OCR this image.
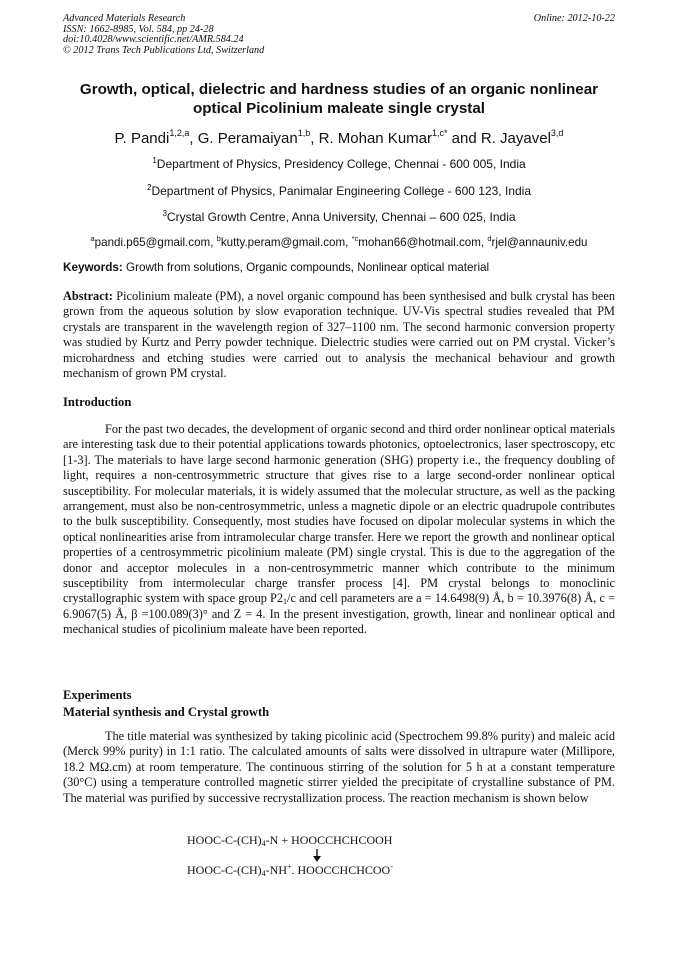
Advanced Materials Research
ISSN: 1662-8985, Vol. 584, pp 24-28
doi:10.4028/www.scientific.net/AMR.584.24
© 2012 Trans Tech Publications Ltd, Switzerland
Online: 2012-10-22
Growth, optical, dielectric and hardness studies of an organic nonlinear optical Picolinium maleate single crystal
P. Pandi$^{1,2,a}$, G. Peramaiyan$^{1,b}$, R. Mohan Kumar$^{1,c*}$ and R. Jayavel$^{3,d}$
$^1$Department of Physics, Presidency College, Chennai - 600 005, India
$^2$Department of Physics, Panimalar Engineering College - 600 123, India
$^3$Crystal Growth Centre, Anna University, Chennai – 600 025, India
$^a$pandi.p65@gmail.com, $^b$kutty.peram@gmail.com, $^{*c}$mohan66@hotmail.com, $^d$rjel@annauniv.edu
Keywords: Growth from solutions, Organic compounds, Nonlinear optical material
Abstract: Picolinium maleate (PM), a novel organic compound has been synthesised and bulk crystal has been grown from the aqueous solution by slow evaporation technique. UV-Vis spectral studies revealed that PM crystals are transparent in the wavelength region of 327–1100 nm. The second harmonic conversion property was studied by Kurtz and Perry powder technique. Dielectric studies were carried out on PM crystal. Vicker’s microhardness and etching studies were carried out to analysis the mechanical behaviour and growth mechanism of grown PM crystal.
Introduction
For the past two decades, the development of organic second and third order nonlinear optical materials are interesting task due to their potential applications towards photonics, optoelectronics, laser spectroscopy, etc [1-3]. The materials to have large second harmonic generation (SHG) property i.e., the frequency doubling of light, requires a non-centrosymmetric structure that gives rise to a large second-order nonlinear optical susceptibility. For molecular materials, it is widely assumed that the molecular structure, as well as the packing arrangement, must also be non-centrosymmetric, unless a magnetic dipole or an electric quadrupole contributes to the bulk susceptibility. Consequently, most studies have focused on dipolar molecular systems in which the optical nonlinearities arise from intramolecular charge transfer. Here we report the growth and nonlinear optical properties of a centrosymmetric picolinium maleate (PM) single crystal. This is due to the aggregation of the donor and acceptor molecules in a non-centrosymmetric manner which contribute to the minimum susceptibility from intermolecular charge transfer process [4]. PM crystal belongs to monoclinic crystallographic system with space group $P2_1/c$ and cell parameters are a = 14.6498(9) Å, b = 10.3976(8) Å, c = 6.9067(5) Å, β =100.089(3)° and Z = 4. In the present investigation, growth, linear and nonlinear optical and mechanical studies of picolinium maleate have been reported.
Experiments
Material synthesis and Crystal growth
The title material was synthesized by taking picolinic acid (Spectrochem 99.8% purity) and maleic acid (Merck 99% purity) in 1:1 ratio. The calculated amounts of salts were dissolved in ultrapure water (Millipore, 18.2 MΩ.cm) at room temperature. The continuous stirring of the solution for 5 h at a constant temperature (30°C) using a temperature controlled magnetic stirrer yielded the precipitate of crystalline substance of PM. The material was purified by successive recrystallization process. The reaction mechanism is shown below
HOOC-$C-(CH)_4-N$ + HOOCCHCHCOOH
HOOC-$C-(CH)_4-NH^+$. HOOCCHCHCOO-
